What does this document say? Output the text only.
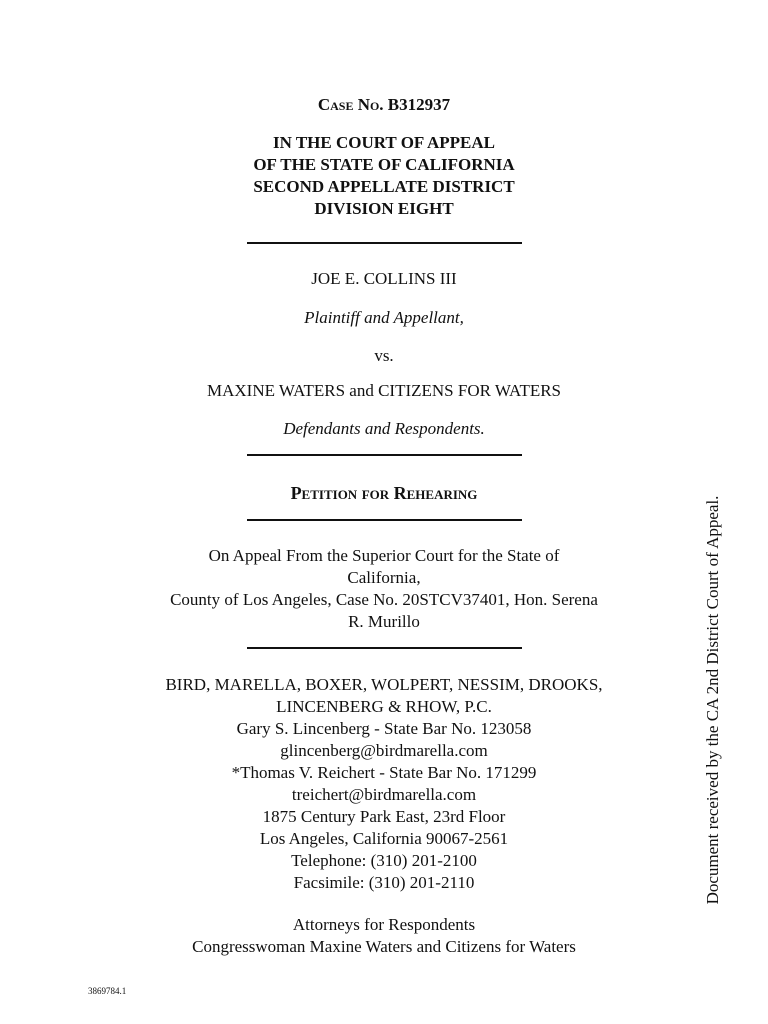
Case No. B312937
IN THE COURT OF APPEAL
OF THE STATE OF CALIFORNIA
SECOND APPELLATE DISTRICT
DIVISION EIGHT
JOE E. COLLINS III
Plaintiff and Appellant,
vs.
MAXINE WATERS and CITIZENS FOR WATERS
Defendants and Respondents.
Petition for Rehearing
On Appeal From the Superior Court for the State of
California,
County of Los Angeles, Case No. 20STCV37401, Hon. Serena
R. Murillo
BIRD, MARELLA, BOXER, WOLPERT, NESSIM, DROOKS,
LINCENBERG & RHOW, P.C.
Gary S. Lincenberg - State Bar No. 123058
glincenberg@birdmarella.com
*Thomas V. Reichert - State Bar No. 171299
treichert@birdmarella.com
1875 Century Park East, 23rd Floor
Los Angeles, California 90067-2561
Telephone: (310) 201-2100
Facsimile: (310) 201-2110
Attorneys for Respondents
Congresswoman Maxine Waters and Citizens for Waters
3869784.1
Document received by the CA 2nd District Court of Appeal.
